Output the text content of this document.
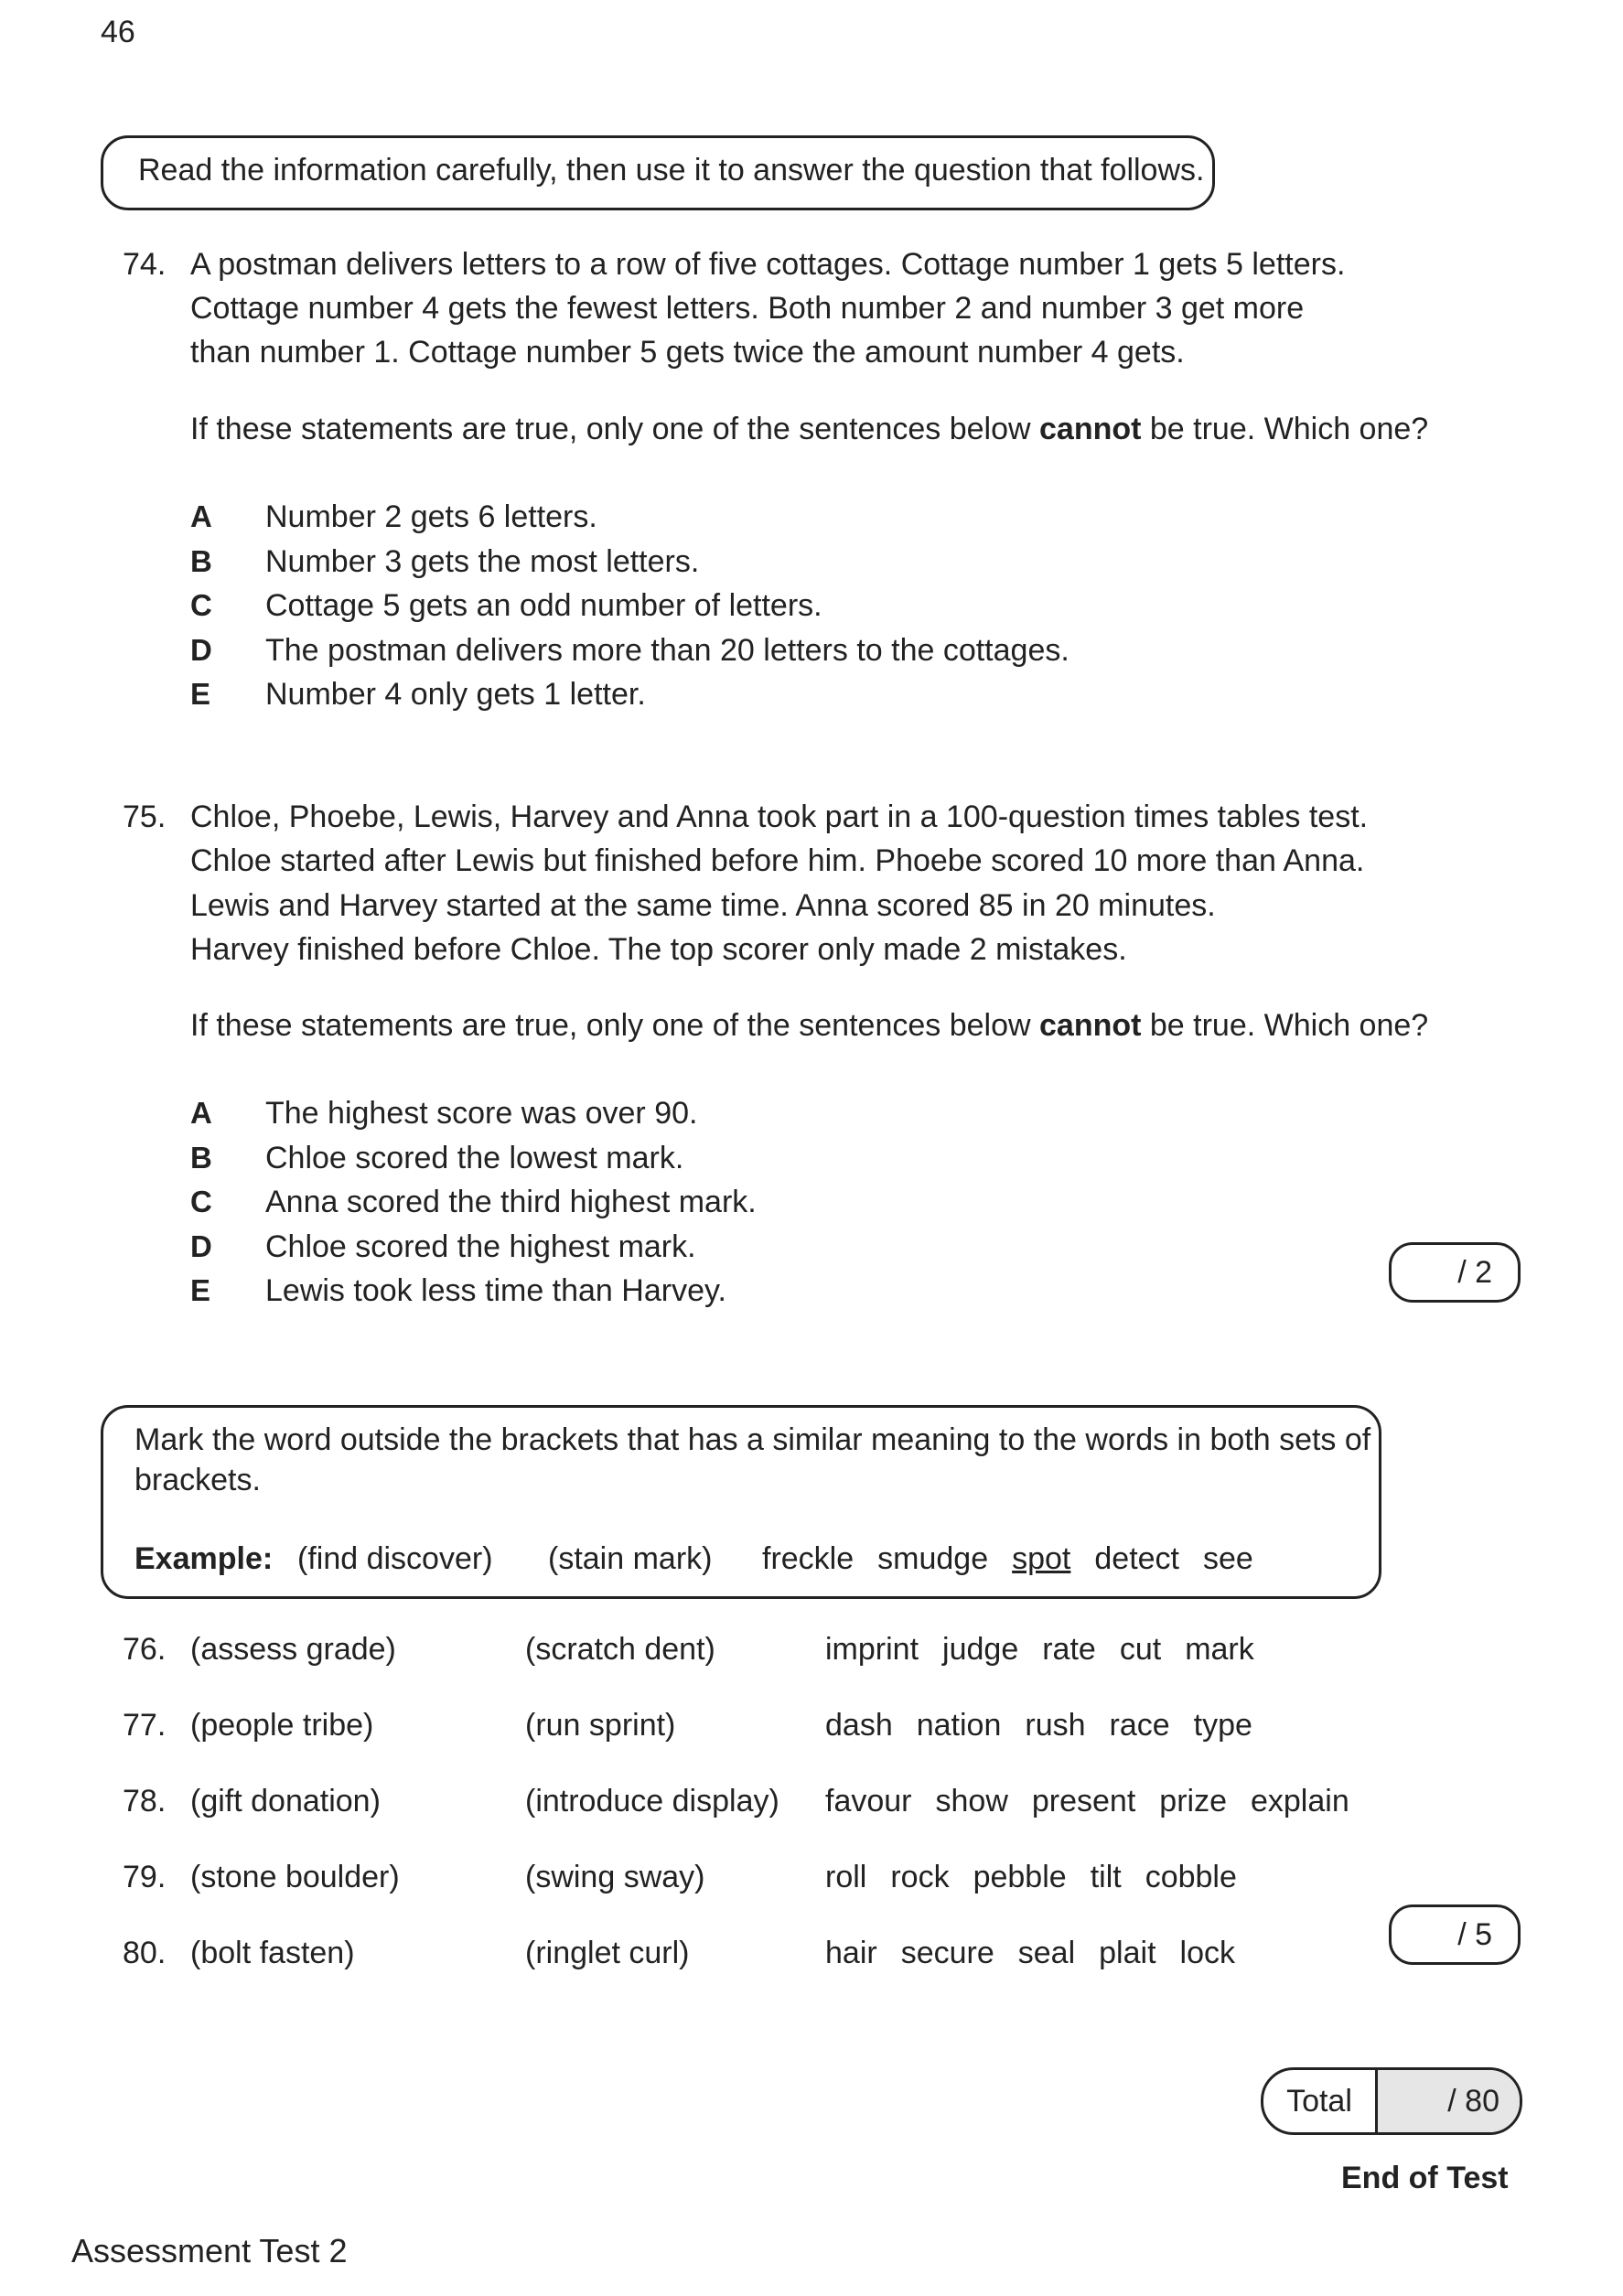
46
Read the information carefully, then use it to answer the question that follows.
74. A postman delivers letters to a row of five cottages. Cottage number 1 gets 5 letters.
Cottage number 4 gets the fewest letters. Both number 2 and number 3 get more
than number 1. Cottage number 5 gets twice the amount number 4 gets.
If these statements are true, only one of the sentences below cannot be true. Which one?
A Number 2 gets 6 letters.
B Number 3 gets the most letters.
C Cottage 5 gets an odd number of letters.
D The postman delivers more than 20 letters to the cottages.
E Number 4 only gets 1 letter.
75. Chloe, Phoebe, Lewis, Harvey and Anna took part in a 100-question times tables test.
Chloe started after Lewis but finished before him. Phoebe scored 10 more than Anna.
Lewis and Harvey started at the same time. Anna scored 85 in 20 minutes.
Harvey finished before Chloe. The top scorer only made 2 mistakes.
If these statements are true, only one of the sentences below cannot be true. Which one?
A The highest score was over 90.
B Chloe scored the lowest mark.
C Anna scored the third highest mark.
D Chloe scored the highest mark.
E Lewis took less time than Harvey.
/ 2
Mark the word outside the brackets that has a similar meaning to the words in both sets of
brackets.
Example: (find discover) (stain mark) freckle smudge spot detect see
76. (assess grade)	(scratch dent)	imprint judge rate cut mark
77. (people tribe)	(run sprint)	dash nation rush race type
78. (gift donation)	(introduce display) favour show present prize explain
79. (stone boulder)	(swing sway)	roll rock pebble tilt cobble
80. (bolt fasten)	(ringlet curl)	hair secure seal plait lock
/ 5
Total	/ 80
End of Test
Assessment Test 2
